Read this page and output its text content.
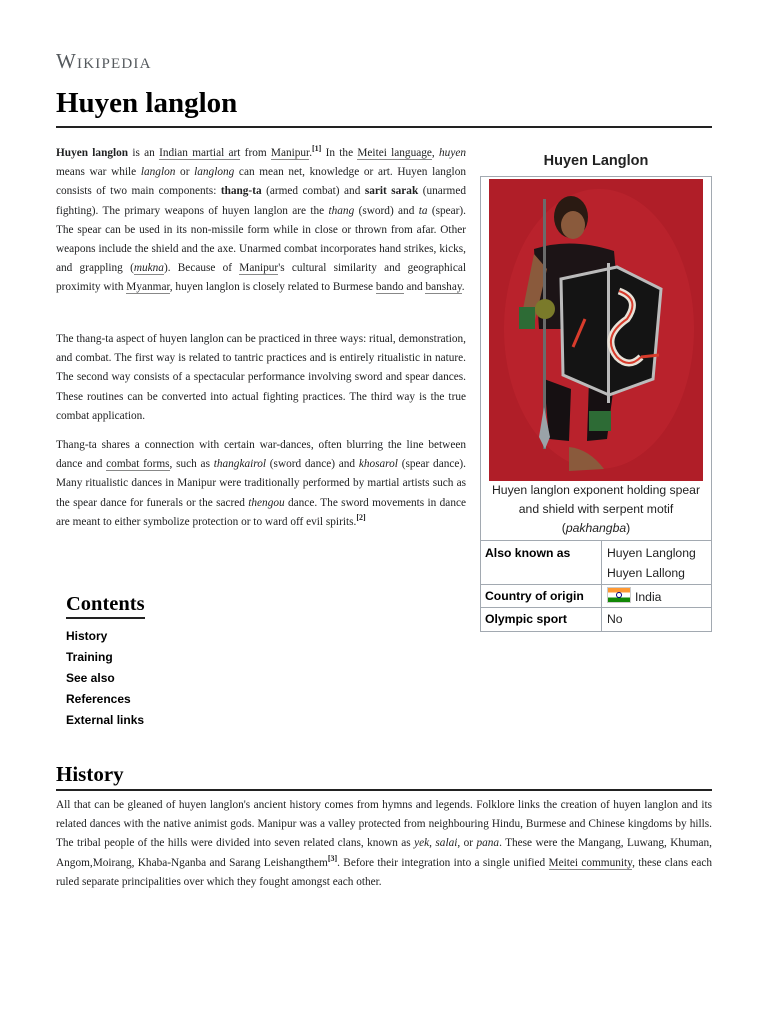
Wikipedia
Huyen langlon

Huyen langlon is an Indian martial art from Manipur.[1] In the Meitei language, huyen means war while langlon or langlong can mean net, knowledge or art. Huyen langlon consists of two main components: thang-ta (armed combat) and sarit sarak (unarmed fighting). The primary weapons of huyen langlon are the thang (sword) and ta (spear). The spear can be used in its non-missile form while in close or thrown from afar. Other weapons include the shield and the axe. Unarmed combat incorporates hand strikes, kicks, and grappling (mukna). Because of Manipur's cultural similarity and geographical proximity with Myanmar, huyen langlon is closely related to Burmese bando and banshay.

The thang-ta aspect of huyen langlon can be practiced in three ways: ritual, demonstration, and combat. The first way is related to tantric practices and is entirely ritualistic in nature. The second way consists of a spectacular performance involving sword and spear dances. These routines can be converted into actual fighting practices. The third way is the true combat application.

Thang-ta shares a connection with certain war-dances, often blurring the line between dance and combat forms, such as thangkairol (sword dance) and khosarol (spear dance). Many ritualistic dances in Manipur were traditionally performed by martial artists such as the spear dance for funerals or the sacred thengou dance. The sword movements in dance are meant to either symbolize protection or to ward off evil spirits.[2]

Huyen Langlon
Huyen langlon exponent holding spear and shield with serpent motif (pakhangba)
Also known as	Huyen Langlong
Huyen Lallong
Country of origin	India
Olympic sport	No
Contents
History
Training
See also
References
External links
History

All that can be gleaned of huyen langlon's ancient history comes from hymns and legends. Folklore links the creation of huyen langlon and its related dances with the native animist gods. Manipur was a valley protected from neighbouring Hindu, Burmese and Chinese kingdoms by hills. The tribal people of the hills were divided into seven related clans, known as yek, salai, or pana. These were the Mangang, Luwang, Khuman, Angom,Moirang, Khaba-Nganba and Sarang Leishangthem[3]. Before their integration into a single unified Meitei community, these clans each ruled separate principalities over which they fought amongst each other.
